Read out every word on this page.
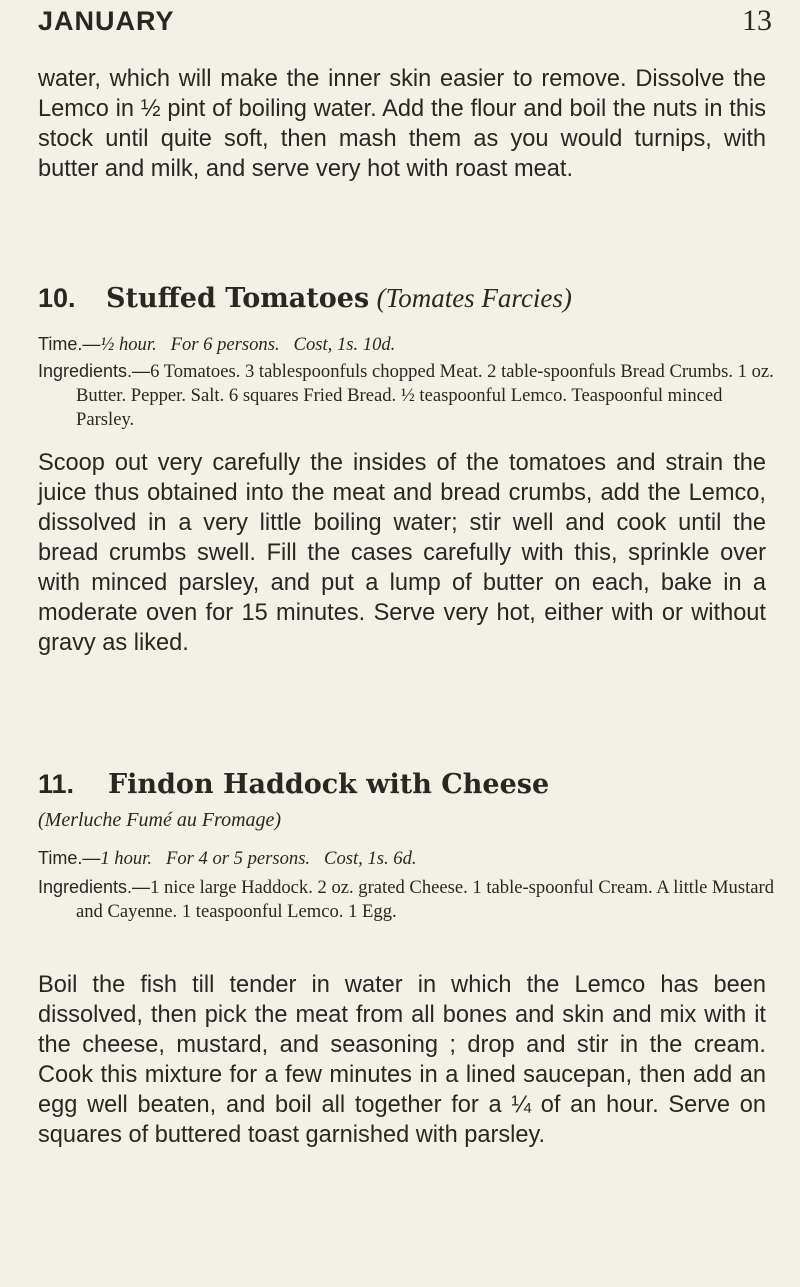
JANUARY	13

water, which will make the inner skin easier to remove. Dissolve the Lemco in ½ pint of boiling water. Add the flour and boil the nuts in this stock until quite soft, then mash them as you would turnips, with butter and milk, and serve very hot with roast meat.

10. Stuffed Tomatoes (Tomates Farcies)

Time.—½ hour. For 6 persons. Cost, 1s. 10d.

Ingredients.—6 Tomatoes. 3 tablespoonfuls chopped Meat. 2 table-spoonfuls Bread Crumbs. 1 oz. Butter. Pepper. Salt. 6 squares Fried Bread. ½ teaspoonful Lemco. Teaspoonful minced Parsley.

Scoop out very carefully the insides of the tomatoes and strain the juice thus obtained into the meat and bread crumbs, add the Lemco, dissolved in a very little boiling water; stir well and cook until the bread crumbs swell. Fill the cases carefully with this, sprinkle over with minced parsley, and put a lump of butter on each, bake in a moderate oven for 15 minutes. Serve very hot, either with or without gravy as liked.

11. Findon Haddock with Cheese

(Merluche Fumé au Fromage)

Time.—1 hour. For 4 or 5 persons. Cost, 1s. 6d.

Ingredients.—1 nice large Haddock. 2 oz. grated Cheese. 1 table-spoonful Cream. A little Mustard and Cayenne. 1 teaspoonful Lemco. 1 Egg.

Boil the fish till tender in water in which the Lemco has been dissolved, then pick the meat from all bones and skin and mix with it the cheese, mustard, and seasoning ; drop and stir in the cream. Cook this mixture for a few minutes in a lined saucepan, then add an egg well beaten, and boil all together for a ¼ of an hour. Serve on squares of buttered toast garnished with parsley.
